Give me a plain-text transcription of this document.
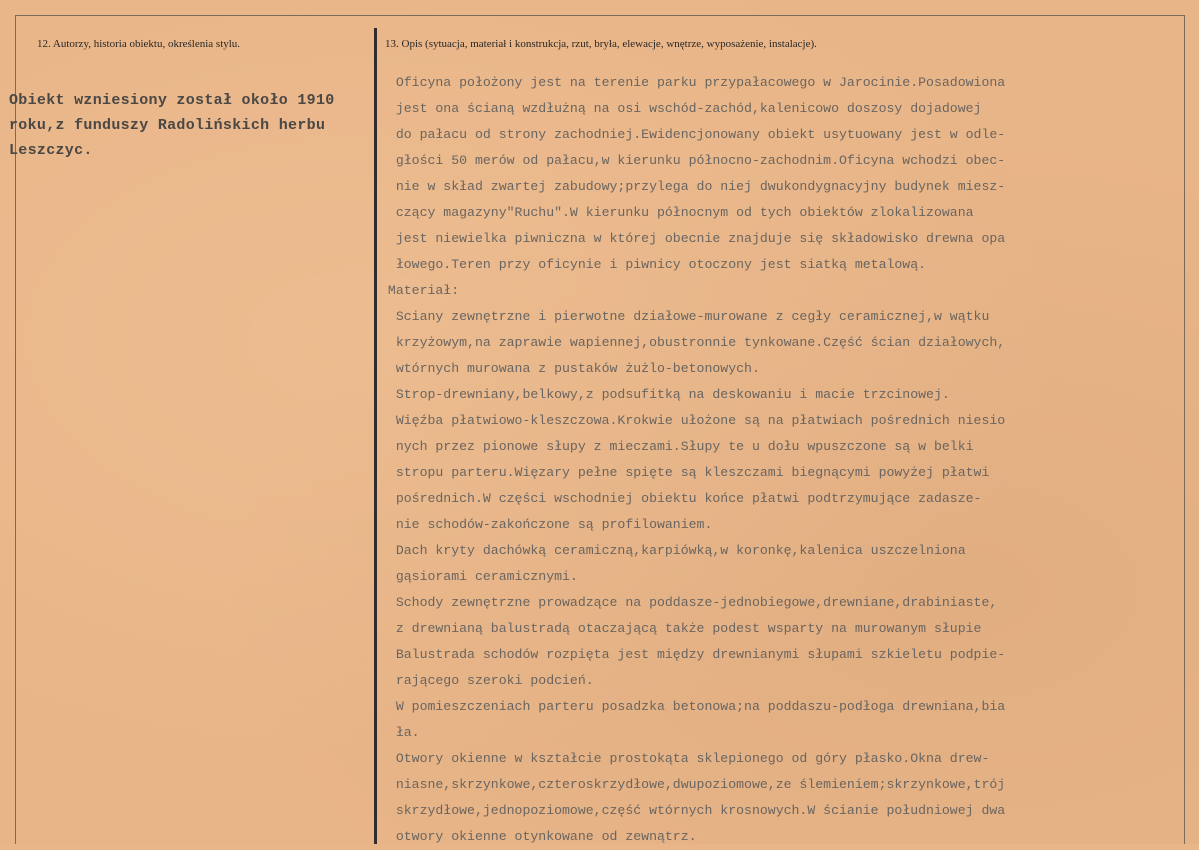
12. Autorzy, historia obiektu, określenia stylu.	13. Opis (sytuacja, materiał i konstrukcja, rzut, bryła, elewacje, wnętrze, wyposażenie, instalacje).
Obiekt wzniesiony został około 1910
roku,z funduszy Radolińskich herbu
Leszczyc.
Oficyna położony jest na terenie parku przypałacowego w Jarocinie.Posadowiona
jest ona ścianą wzdłużną na osi wschód-zachód,kalenicowo doszosy dojadowej
do pałacu od strony zachodniej.Ewidencjonowany obiekt usytuowany jest w odle-
głości 50 merów od pałacu,w kierunku północno-zachodnim.Oficyna wchodzi obec-
nie w skład zwartej zabudowy;przylega do niej dwukondygnacyjny budynek miesz-
czący magazyny"Ruchu".W kierunku północnym od tych obiektów zlokalizowana
jest niewielka piwniczna w której obecnie znajduje się składowisko drewna opa
łowego.Teren przy oficynie i piwnicy otoczony jest siatką metalową.
Materiał:
Sciany zewnętrzne i pierwotne działowe-murowane z cegły ceramicznej,w wątku
krzyżowym,na zaprawie wapiennej,obustronnie tynkowane.Część ścian działowych,
wtórnych murowana z pustaków żużlo-betonowych.
Strop-drewniany,belkowy,z podsufitką na deskowaniu i macie trzcinowej.
Więźba płatwiowo-kleszczowa.Krokwie ułożone są na płatwiach pośrednich niesio
nych przez pionowe słupy z mieczami.Słupy te u dołu wpuszczone są w belki
stropu parteru.Więzary pełne spięte są kleszczami biegnącymi powyżej płatwi
pośrednich.W części wschodniej obiektu końce płatwi podtrzymujące zadasze-
nie schodów-zakończone są profilowaniem.
Dach kryty dachówką ceramiczną,karpiówką,w koronkę,kalenica uszczelniona
gąsiorami ceramicznymi.
Schody zewnętrzne prowadzące na poddasze-jednobiegowe,drewniane,drabiniaste,
z drewnianą balustradą otaczającą także podest wsparty na murowanym słupie
Balustrada schodów rozpięta jest między drewnianymi słupami szkieletu podpie-
rającego szeroki podcień.
W pomieszczeniach parteru posadzka betonowa;na poddaszu-podłoga drewniana,bia
ła.
Otwory okienne w kształcie prostokąta sklepionego od góry płasko.Okna drew-
niasne,skrzynkowe,czteroskrzydłowe,dwupoziomowe,ze ślemieniem;skrzynkowe,trój
skrzydłowe,jednopoziomowe,część wtórnych krosnowych.W ścianie południowej dwa
otwory okienne otynkowane od zewnątrz.
